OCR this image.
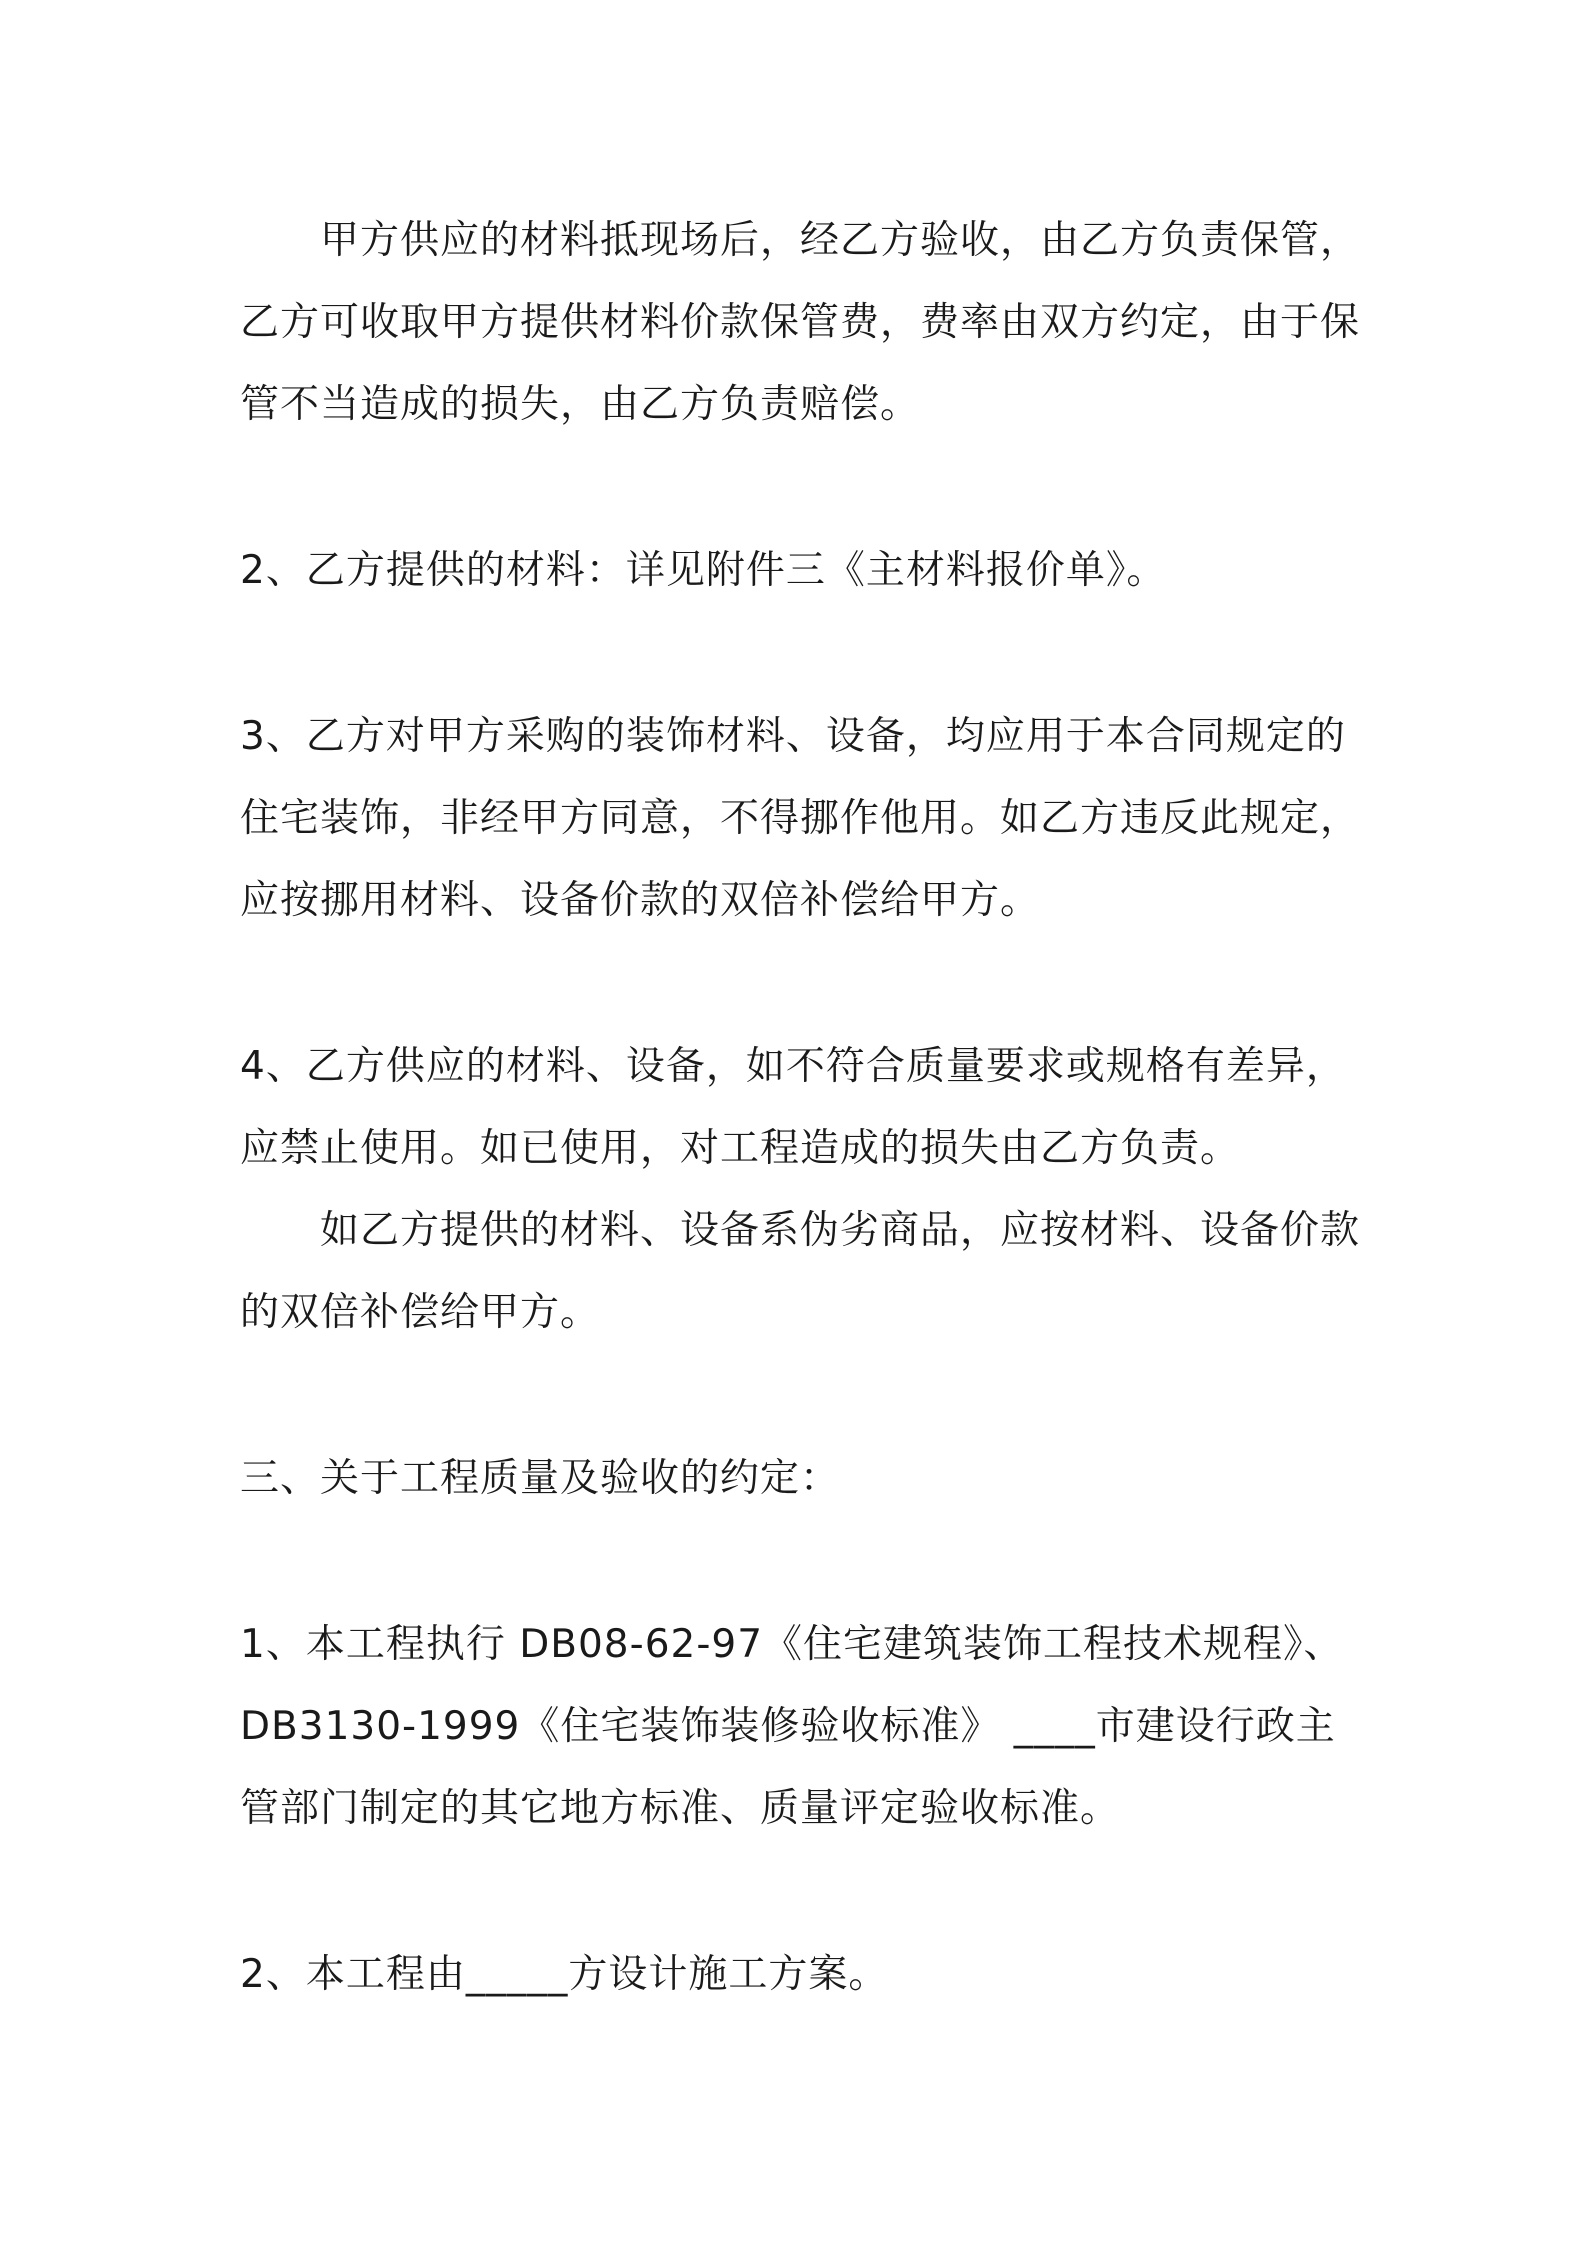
甲方供应的材料抵现场后，经乙方验收，由乙方负责保管，乙方可收取甲方提供材料价款保管费，费率由双方约定，由于保管不当造成的损失，由乙方负责赔偿。

2、乙方提供的材料：详见附件三《主材料报价单》。

3、乙方对甲方采购的装饰材料、设备，均应用于本合同规定的住宅装饰，非经甲方同意，不得挪作他用。如乙方违反此规定，应按挪用材料、设备价款的双倍补偿给甲方。

4、乙方供应的材料、设备，如不符合质量要求或规格有差异，应禁止使用。如已使用，对工程造成的损失由乙方负责。

如乙方提供的材料、设备系伪劣商品，应按材料、设备价款的双倍补偿给甲方。

三、关于工程质量及验收的约定：

1、本工程执行 DB08-62-97《住宅建筑装饰工程技术规程》、DB3130-1999《住宅装饰装修验收标准》 ____市建设行政主管部门制定的其它地方标准、质量评定验收标准。

2、本工程由_____方设计施工方案。
